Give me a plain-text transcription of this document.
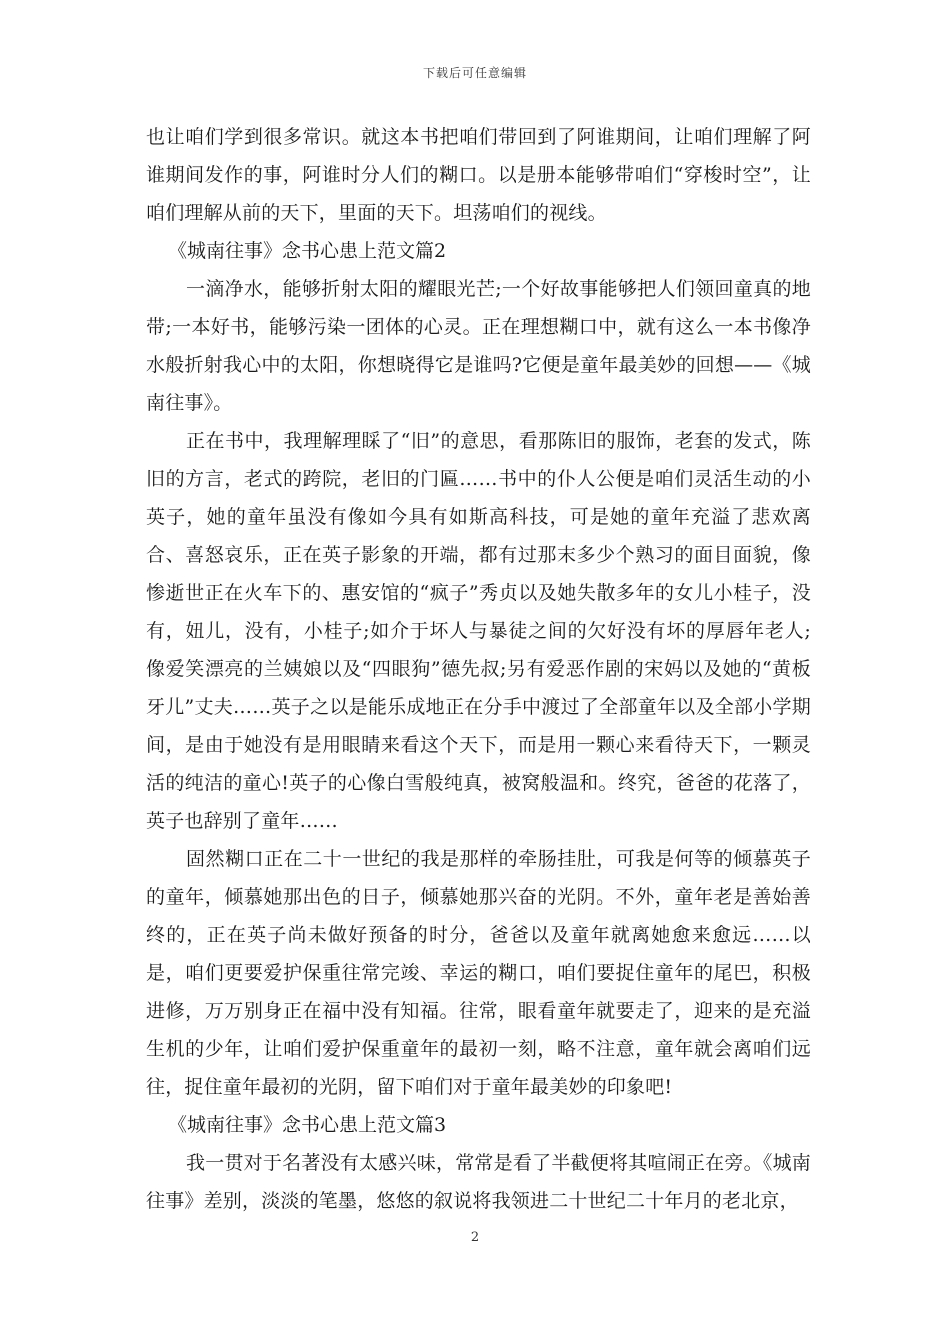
下载后可任意编辑

也让咱们学到很多常识。就这本书把咱们带回到了阿谁期间，让咱们理解了阿谁期间发作的事，阿谁时分人们的糊口。以是册本能够带咱们“穿梭时空”，让咱们理解从前的天下，里面的天下。坦荡咱们的视线。

《城南往事》念书心患上范文篇2

一滴净水，能够折射太阳的耀眼光芒;一个好故事能够把人们领回童真的地带;一本好书，能够污染一团体的心灵。正在理想糊口中，就有这么一本书像净水般折射我心中的太阳，你想晓得它是谁吗?它便是童年最美妙的回想——《城南往事》。

正在书中，我理解理睬了“旧”的意思，看那陈旧的服饰，老套的发式，陈旧的方言，老式的跨院，老旧的门匾……书中的仆人公便是咱们灵活生动的小英子，她的童年虽没有像如今具有如斯高科技，可是她的童年充溢了悲欢离合、喜怒哀乐，正在英子影象的开端，都有过那末多少个熟习的面目面貌，像惨逝世正在火车下的、惠安馆的“疯子”秀贞以及她失散多年的女儿小桂子，没有，妞儿，没有，小桂子;如介于坏人与暴徒之间的欠好没有坏的厚唇年老人;像爱笑漂亮的兰姨娘以及“四眼狗”德先叔;另有爱恶作剧的宋妈以及她的“黄板牙儿”丈夫……英子之以是能乐成地正在分手中渡过了全部童年以及全部小学期间，是由于她没有是用眼睛来看这个天下，而是用一颗心来看待天下，一颗灵活的纯洁的童心!英子的心像白雪般纯真，被窝般温和。终究，爸爸的花落了，英子也辞别了童年……

固然糊口正在二十一世纪的我是那样的牵肠挂肚，可我是何等的倾慕英子的童年，倾慕她那出色的日子，倾慕她那兴奋的光阴。不外，童年老是善始善终的，正在英子尚未做好预备的时分，爸爸以及童年就离她愈来愈远……以是，咱们更要爱护保重往常完竣、幸运的糊口，咱们要捉住童年的尾巴，积极进修，万万别身正在福中没有知福。往常，眼看童年就要走了，迎来的是充溢生机的少年，让咱们爱护保重童年的最初一刻，略不注意，童年就会离咱们远往，捉住童年最初的光阴，留下咱们对于童年最美妙的印象吧!

《城南往事》念书心患上范文篇3

我一贯对于名著没有太感兴味，常常是看了半截便将其喧闹正在旁。《城南往事》差别，淡淡的笔墨，悠悠的叙说将我领进二十世纪二十年月的老北京，

2
